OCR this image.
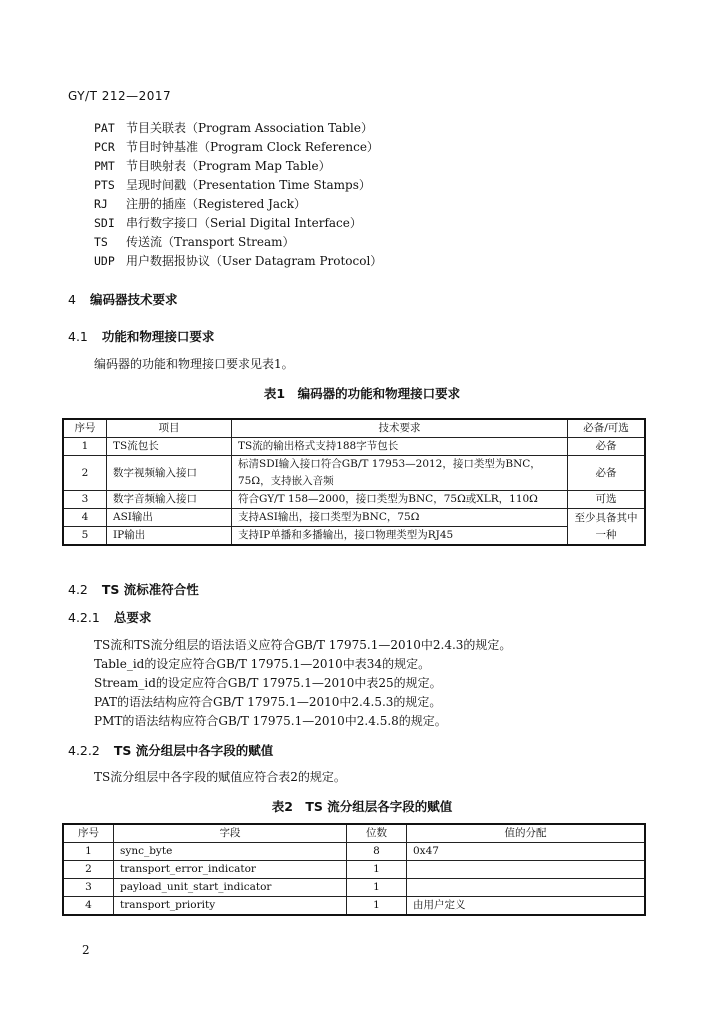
GY/T 212—2017
PAT 节目关联表（Program Association Table）
PCR 节目时钟基准（Program Clock Reference）
PMT 节目映射表（Program Map Table）
PTS 呈现时间戳（Presentation Time Stamps）
RJ 注册的插座（Registered Jack）
SDI 串行数字接口（Serial Digital Interface）
TS 传送流（Transport Stream）
UDP 用户数据报协议（User Datagram Protocol）
4 编码器技术要求
4.1 功能和物理接口要求
编码器的功能和物理接口要求见表1。
表1　编码器的功能和物理接口要求
序号	项目	技术要求	必备/可选
1	TS流包长	TS流的输出格式支持188字节包长	必备
2	数字视频输入接口	标清SDI输入接口符合GB/T 17953—2012，接口类型为BNC，75Ω，支持嵌入音频	必备
3	数字音频输入接口	符合GY/T 158—2000，接口类型为BNC，75Ω或XLR，110Ω	可选
4	ASI输出	支持ASI输出，接口类型为BNC，75Ω	至少具备其中一种
5	IP输出	支持IP单播和多播输出，接口物理类型为RJ45	
4.2 TS 流标准符合性
4.2.1 总要求
TS流和TS流分组层的语法语义应符合GB/T 17975.1—2010中2.4.3的规定。
Table_id的设定应符合GB/T 17975.1—2010中表34的规定。
Stream_id的设定应符合GB/T 17975.1—2010中表25的规定。
PAT的语法结构应符合GB/T 17975.1—2010中2.4.5.3的规定。
PMT的语法结构应符合GB/T 17975.1—2010中2.4.5.8的规定。
4.2.2 TS 流分组层中各字段的赋值
TS流分组层中各字段的赋值应符合表2的规定。
表2　TS 流分组层各字段的赋值
序号	字段	位数	值的分配
1	sync_byte	8	0x47
2	transport_error_indicator	1	
3	payload_unit_start_indicator	1	
4	transport_priority	1	由用户定义
2
